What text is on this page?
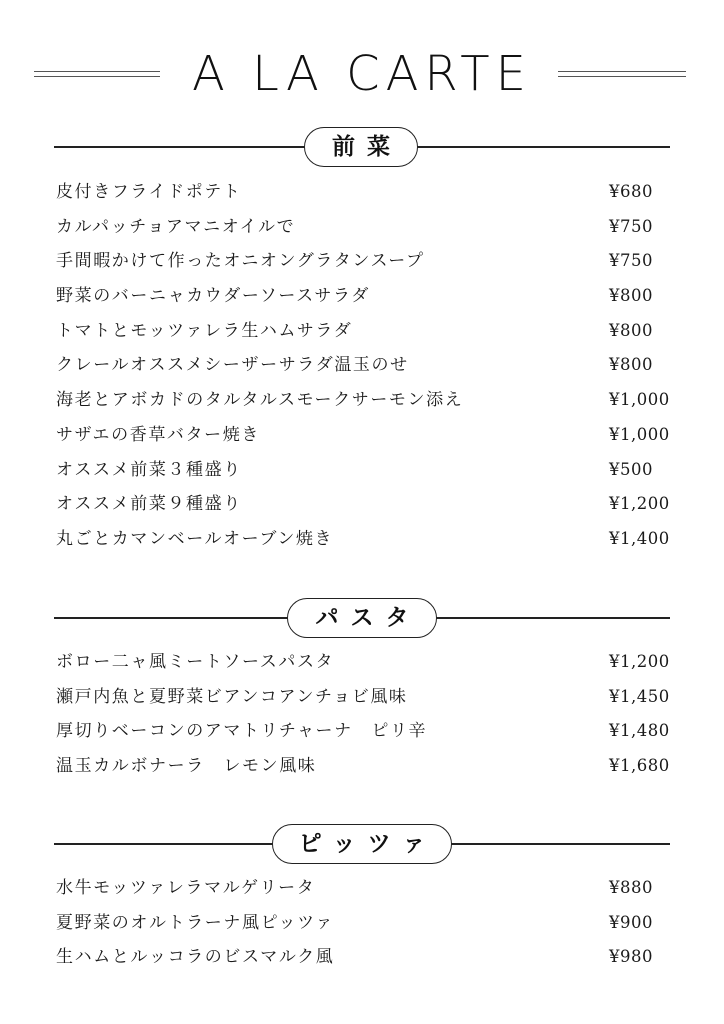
A LA CARTE
前菜
皮付きフライドポテト	¥680
カルパッチョアマニオイルで	¥750
手間暇かけて作ったオニオングラタンスープ	¥750
野菜のバーニャカウダーソースサラダ	¥800
トマトとモッツァレラ生ハムサラダ	¥800
クレールオススメシーザーサラダ温玉のせ	¥800
海老とアボカドのタルタルスモークサーモン添え	¥1,000
サザエの香草バター焼き	¥1,000
オススメ前菜３種盛り	¥500
オススメ前菜９種盛り	¥1,200
丸ごとカマンベールオーブン焼き	¥1,400
パスタ
ボロー二ャ風ミートソースパスタ	¥1,200
瀬戸内魚と夏野菜ビアンコアンチョビ風味	¥1,450
厚切りベーコンのアマトリチャーナ　ピリ辛	¥1,480
温玉カルボナーラ　レモン風味	¥1,680
ピッツァ
水牛モッツァレラマルゲリータ	¥880
夏野菜のオルトラーナ風ピッツァ	¥900
生ハムとルッコラのビスマルク風	¥980
